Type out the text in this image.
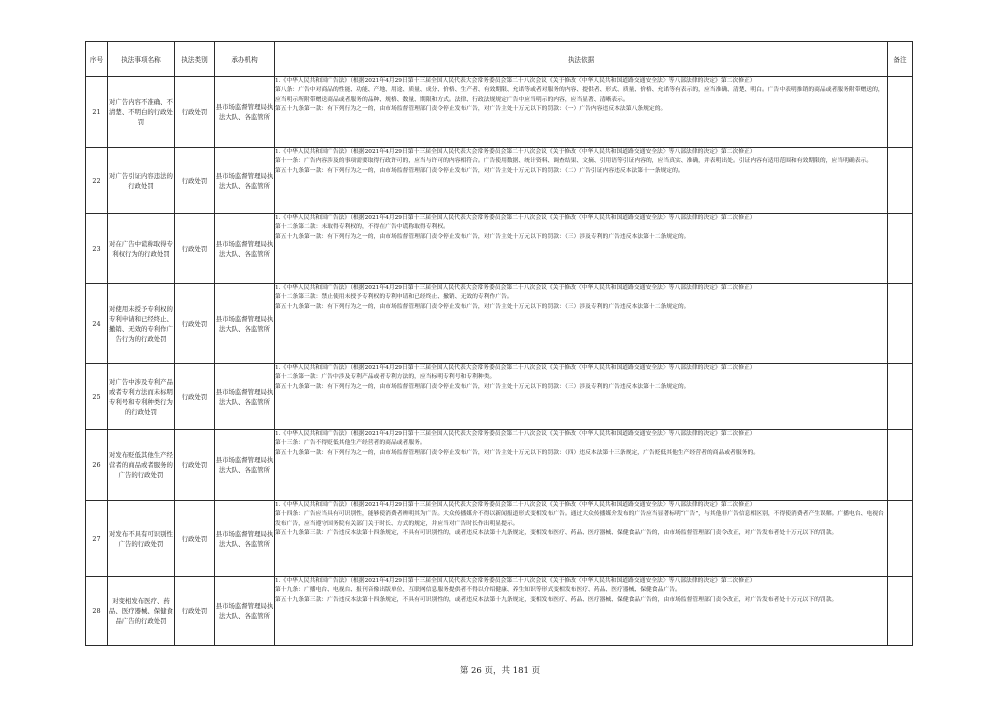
序号	执法事项名称	执法类别	承办机构	执法依据	备注
21	对广告内容不准确、不清楚、不明白的行政处罚	行政处罚	县市场监督管理局执法大队、各监管所	1.《中华人民共和国广告法》（根据2021年4月29日第十三届全国人民代表大会常务委员会第二十八次会议《关于修改〈中华人民共和国道路交通安全法〉等八部法律的决定》第二次修正）
第八条：广告中对商品的性能、功能、产地、用途、质量、成分、价格、生产者、有效期限、允诺等或者对服务的内容、提供者、形式、质量、价格、允诺等有表示的，应当准确、清楚、明白。广告中表明推销的商品或者服务附带赠送的，应当明示所附带赠送商品或者服务的品种、规格、数量、期限和方式。法律、行政法规规定广告中应当明示的内容，应当显著、清晰表示。
第五十九条第一款：有下列行为之一的，由市场监督管理部门责令停止发布广告，对广告主处十万元以下的罚款：（一）广告内容违反本法第八条规定的。	

22	对广告引证内容违法的行政处罚	行政处罚	县市场监督管理局执法大队、各监管所	1.《中华人民共和国广告法》（根据2021年4月29日第十三届全国人民代表大会常务委员会第二十八次会议《关于修改〈中华人民共和国道路交通安全法〉等八部法律的决定》第二次修正）
第十一条：广告内容涉及的事项需要取得行政许可的，应当与许可的内容相符合。广告使用数据、统计资料、调查结果、文摘、引用语等引证内容的，应当真实、准确，并表明出处。引证内容有适用范围和有效期限的，应当明确表示。
第五十九条第一款：有下列行为之一的，由市场监督管理部门责令停止发布广告，对广告主处十万元以下的罚款：（二）广告引证内容违反本法第十一条规定的。	

23	对在广告中谎称取得专利权行为的行政处罚	行政处罚	县市场监督管理局执法大队、各监管所	1.《中华人民共和国广告法》（根据2021年4月29日第十三届全国人民代表大会常务委员会第二十八次会议《关于修改〈中华人民共和国道路交通安全法〉等八部法律的决定》第二次修正）
第十二条第二款：未取得专利权的，不得在广告中谎称取得专利权。
第五十九条第一款：有下列行为之一的，由市场监督管理部门责令停止发布广告，对广告主处十万元以下的罚款：（三）涉及专利的广告违反本法第十二条规定的。	

24	对使用未授予专利权的专利申请和已经终止、撤销、无效的专利作广告行为的行政处罚	行政处罚	县市场监督管理局执法大队、各监管所	1.《中华人民共和国广告法》（根据2021年4月29日第十三届全国人民代表大会常务委员会第二十八次会议《关于修改〈中华人民共和国道路交通安全法〉等八部法律的决定》第二次修正）
第十二条第三款：禁止使用未授予专利权的专利申请和已经终止、撤销、无效的专利作广告。
第五十九条第一款：有下列行为之一的，由市场监督管理部门责令停止发布广告，对广告主处十万元以下的罚款：（三）涉及专利的广告违反本法第十二条规定的。	

25	对广告中涉及专利产品或者专利方法而未标明专利号和专利种类行为的行政处罚	行政处罚	县市场监督管理局执法大队、各监管所	1.《中华人民共和国广告法》（根据2021年4月29日第十三届全国人民代表大会常务委员会第二十八次会议《关于修改〈中华人民共和国道路交通安全法〉等八部法律的决定》第二次修正）
第十二条第一款：广告中涉及专利产品或者专利方法的，应当标明专利号和专利种类。
第五十九条第一款：有下列行为之一的，由市场监督管理部门责令停止发布广告，对广告主处十万元以下的罚款：（三）涉及专利的广告违反本法第十二条规定的。	

26	对发布贬低其他生产经营者的商品或者服务的广告的行政处罚	行政处罚	县市场监督管理局执法大队、各监管所	1.《中华人民共和国广告法》（根据2021年4月29日第十三届全国人民代表大会常务委员会第二十八次会议《关于修改〈中华人民共和国道路交通安全法〉等八部法律的决定》第二次修正）
第十三条：广告不得贬低其他生产经营者的商品或者服务。
第五十九条第一款：有下列行为之一的，由市场监督管理部门责令停止发布广告，对广告主处十万元以下的罚款：（四）违反本法第十三条规定，广告贬低其他生产经营者的商品或者服务的。	

27	对发布不具有可识别性广告的行政处罚	行政处罚	县市场监督管理局执法大队、各监管所	1.《中华人民共和国广告法》（根据2021年4月29日第十三届全国人民代表大会常务委员会第二十八次会议《关于修改〈中华人民共和国道路交通安全法〉等八部法律的决定》第二次修正）
第十四条：广告应当具有可识别性，能够使消费者辨明其为广告。大众传播媒介不得以新闻报道形式变相发布广告。通过大众传播媒介发布的广告应当显著标明“广告”，与其他非广告信息相区别，不得使消费者产生误解。广播电台、电视台发布广告，应当遵守国务院有关部门关于时长、方式的规定，并应当对广告时长作出明显提示。
第五十九条第三款：广告违反本法第十四条规定，不具有可识别性的，或者违反本法第十九条规定，变相发布医疗、药品、医疗器械、保健食品广告的，由市场监督管理部门责令改正，对广告发布者处十万元以下的罚款。	

28	对变相发布医疗、药品、医疗器械、保健食品广告的行政处罚	行政处罚	县市场监督管理局执法大队、各监管所	1.《中华人民共和国广告法》（根据2021年4月29日第十三届全国人民代表大会常务委员会第二十八次会议《关于修改〈中华人民共和国道路交通安全法〉等八部法律的决定》第二次修正）
第十九条：广播电台、电视台、报刊音像出版单位、互联网信息服务提供者不得以介绍健康、养生知识等形式变相发布医疗、药品、医疗器械、保健食品广告。
第五十九条第三款：广告违反本法第十四条规定，不具有可识别性的，或者违反本法第十九条规定，变相发布医疗、药品、医疗器械、保健食品广告的，由市场监督管理部门责令改正，对广告发布者处十万元以下的罚款。	

第 26 页，共 181 页
